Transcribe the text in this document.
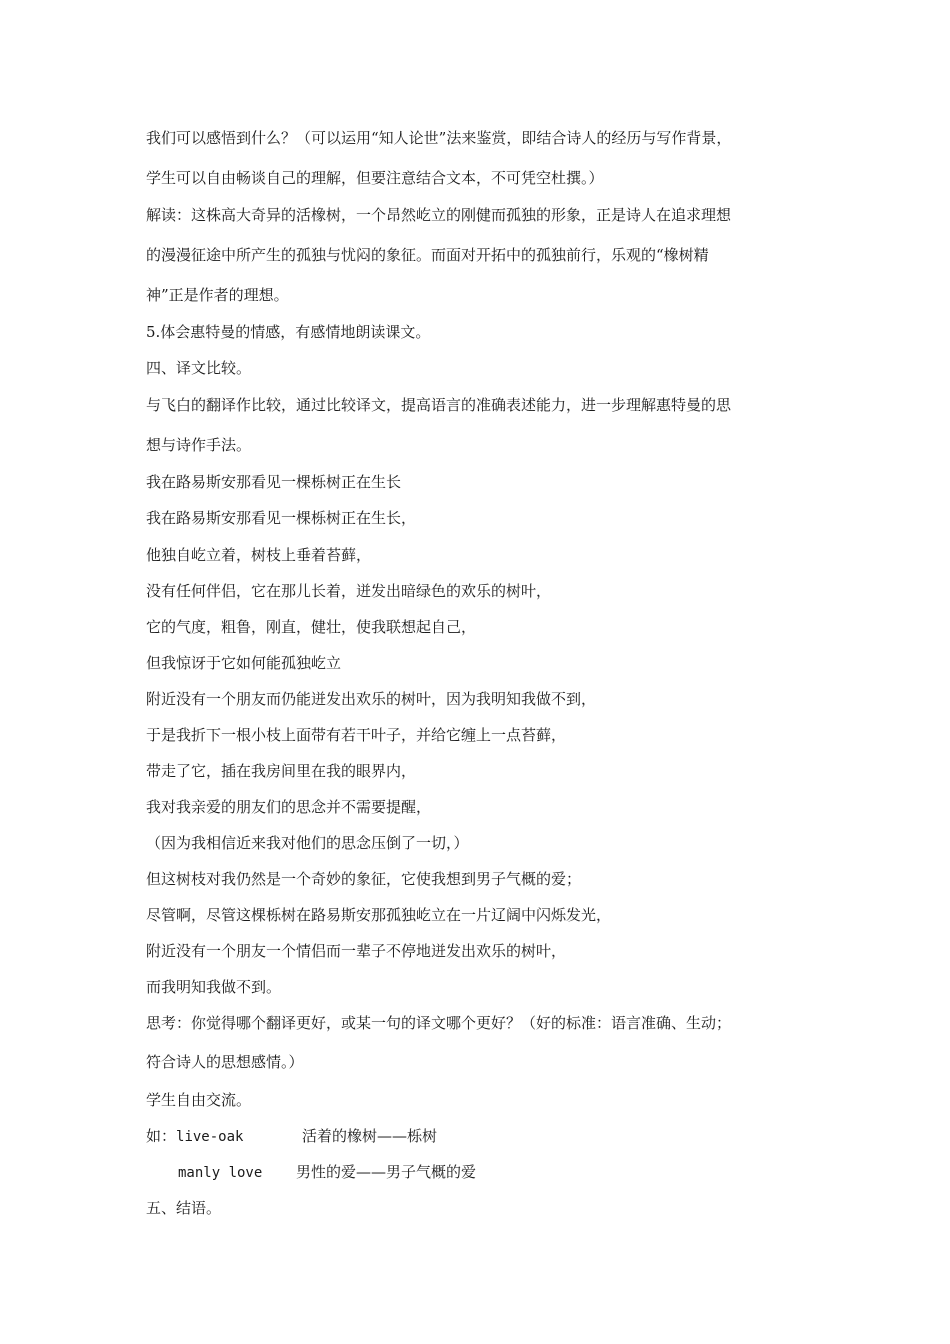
我们可以感悟到什么？（可以运用“知人论世”法来鉴赏，即结合诗人的经历与写作背景，
学生可以自由畅谈自己的理解，但要注意结合文本，不可凭空杜撰。）
解读：这株高大奇异的活橡树，一个昂然屹立的刚健而孤独的形象，正是诗人在追求理想
的漫漫征途中所产生的孤独与忧闷的象征。而面对开拓中的孤独前行，乐观的“橡树精
神”正是作者的理想。
5.体会惠特曼的情感，有感情地朗读课文。
四、译文比较。
与飞白的翻译作比较，通过比较译文，提高语言的准确表述能力，进一步理解惠特曼的思
想与诗作手法。
我在路易斯安那看见一棵栎树正在生长
我在路易斯安那看见一棵栎树正在生长，
他独自屹立着，树枝上垂着苔藓，
没有任何伴侣，它在那儿长着，迸发出暗绿色的欢乐的树叶，
它的气度，粗鲁，刚直，健壮，使我联想起自己，
但我惊讶于它如何能孤独屹立
附近没有一个朋友而仍能迸发出欢乐的树叶，因为我明知我做不到，
于是我折下一根小枝上面带有若干叶子，并给它缠上一点苔藓，
带走了它，插在我房间里在我的眼界内，
我对我亲爱的朋友们的思念并不需要提醒，
（因为我相信近来我对他们的思念压倒了一切，）
但这树枝对我仍然是一个奇妙的象征，它使我想到男子气概的爱；
尽管啊，尽管这棵栎树在路易斯安那孤独屹立在一片辽阔中闪烁发光，
附近没有一个朋友一个情侣而一辈子不停地迸发出欢乐的树叶，
而我明知我做不到。
思考：你觉得哪个翻译更好，或某一句的译文哪个更好？（好的标准：语言准确、生动；
符合诗人的思想感情。）
学生自由交流。
如：live-oak	活着的橡树——栎树
manly love 男性的爱——男子气概的爱
五、结语。
